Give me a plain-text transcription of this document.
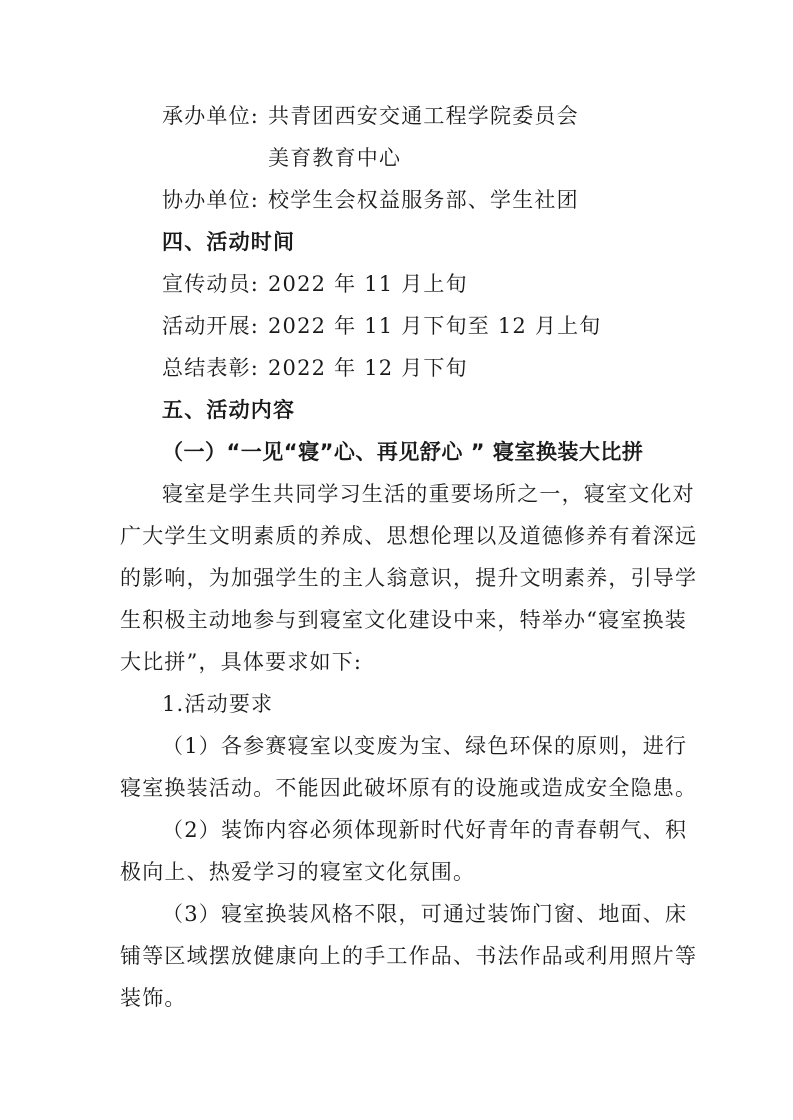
承办单位: 共青团西安交通工程学院委员会
美育教育中心
协办单位: 校学生会权益服务部、学生社团
四、活动时间
宣传动员: 2022 年 11 月上旬
活动开展: 2022 年 11 月下旬至 12 月上旬
总结表彰: 2022 年 12 月下旬
五、活动内容
（一）“一见“寝”心、再见舒心 ” 寝室换装大比拼
寝室是学生共同学习生活的重要场所之一，寝室文化对
广大学生文明素质的养成、思想伦理以及道德修养有着深远
的影响，为加强学生的主人翁意识，提升文明素养，引导学
生积极主动地参与到寝室文化建设中来，特举办“寝室换装
大比拼”，具体要求如下:
1.活动要求
（1）各参赛寝室以变废为宝、绿色环保的原则，进行
寝室换装活动。不能因此破坏原有的设施或造成安全隐患。
（2）装饰内容必须体现新时代好青年的青春朝气、积
极向上、热爱学习的寝室文化氛围。
（3）寝室换装风格不限，可通过装饰门窗、地面、床
铺等区域摆放健康向上的手工作品、书法作品或利用照片等
装饰。
